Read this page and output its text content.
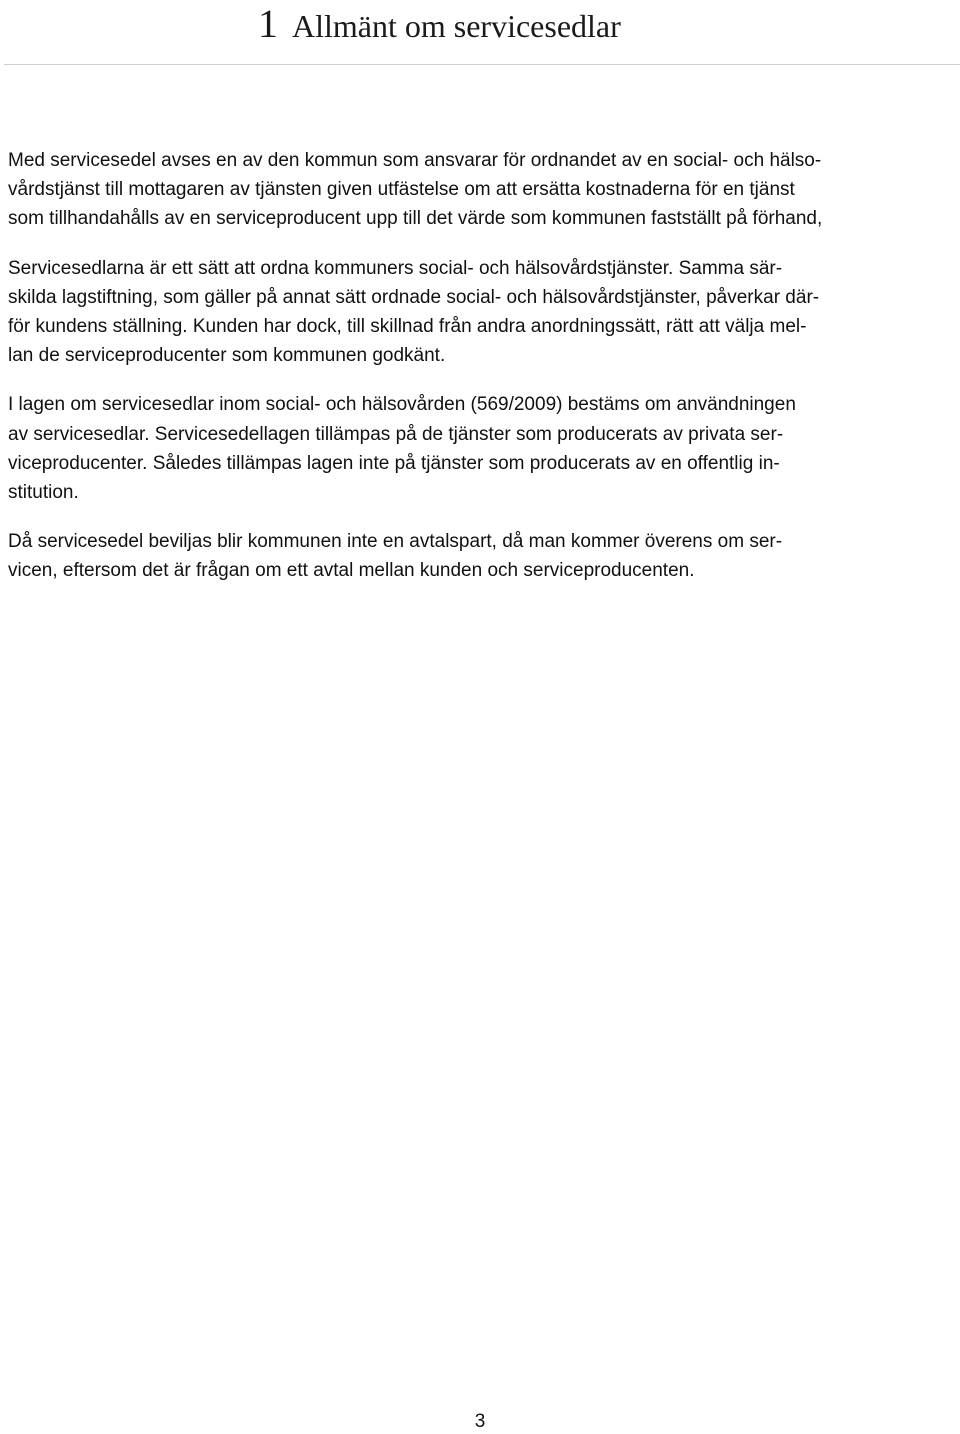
1 Allmänt om servicesedlar
Med servicesedel avses en av den kommun som ansvarar för ordnandet av en social- och hälso-
vårdstjänst till mottagaren av tjänsten given utfästelse om att ersätta kostnaderna för en tjänst
som tillhandahålls av en serviceproducent upp till det värde som kommunen fastställt på förhand,
Servicesedlarna är ett sätt att ordna kommuners social- och hälsovårdstjänster. Samma sär-
skilda lagstiftning, som gäller på annat sätt ordnade social- och hälsovårdstjänster, påverkar där-
för kundens ställning. Kunden har dock, till skillnad från andra anordningssätt, rätt att välja mel-
lan de serviceproducenter som kommunen godkänt.
I lagen om servicesedlar inom social- och hälsovården (569/2009) bestäms om användningen
av servicesedlar. Servicesedellagen tillämpas på de tjänster som producerats av privata ser-
viceproducenter. Således tillämpas lagen inte på tjänster som producerats av en offentlig in-
stitution.
Då servicesedel beviljas blir kommunen inte en avtalspart, då man kommer överens om ser-
vicen, eftersom det är frågan om ett avtal mellan kunden och serviceproducenten.
3
